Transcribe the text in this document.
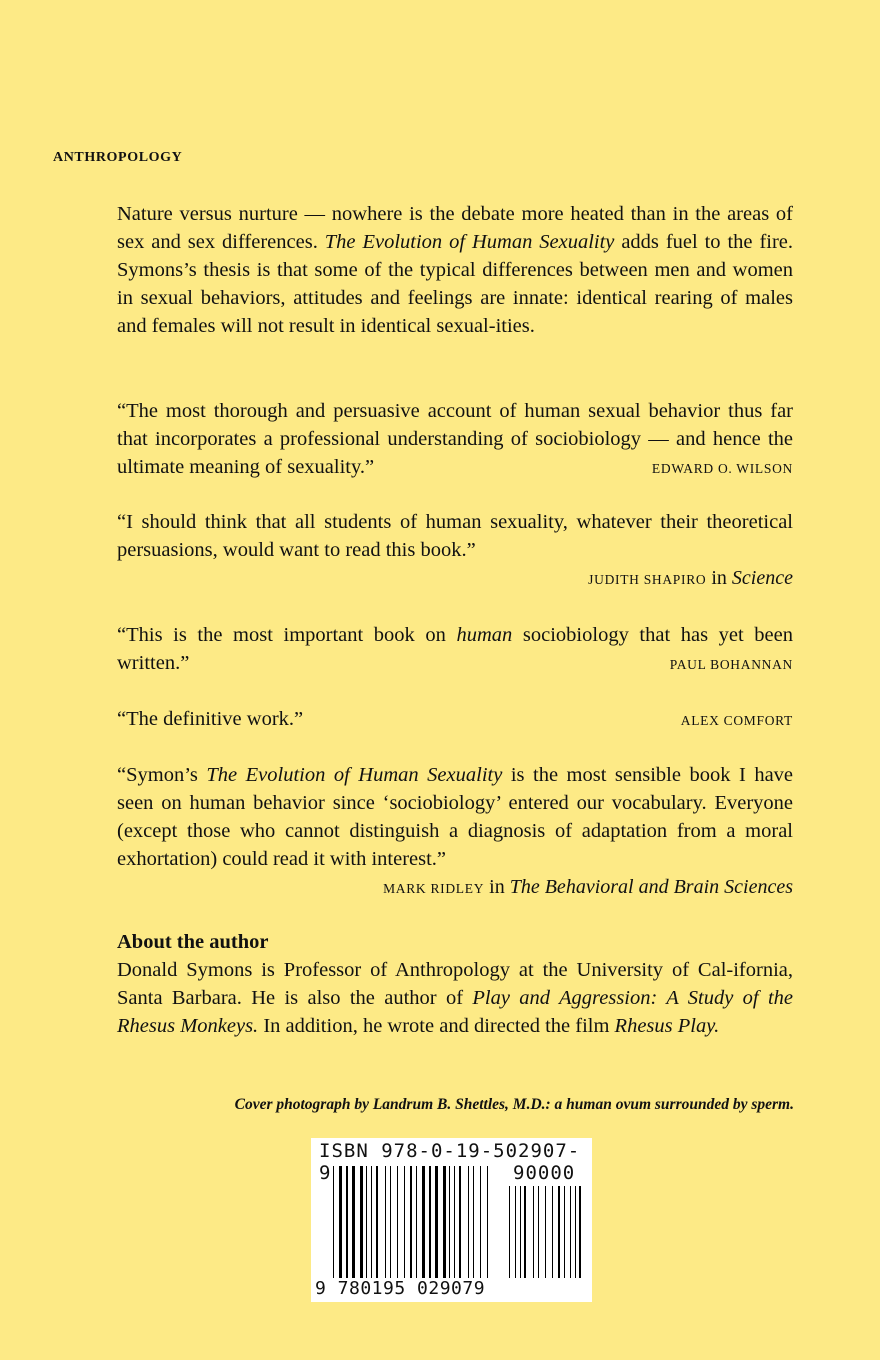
ANTHROPOLOGY
Nature versus nurture — nowhere is the debate more heated than in the areas of sex and sex differences. The Evolution of Human Sexuality adds fuel to the fire. Symons’s thesis is that some of the typical differences between men and women in sexual behaviors, attitudes and feelings are innate: identical rearing of males and females will not result in identical sexual-ities.
“The most thorough and persuasive account of human sexual behavior thus far that incorporates a professional understanding of sociobiology — and hence the ultimate meaning of sexuality.”	EDWARD O. WILSON
“I should think that all students of human sexuality, whatever their theoretical persuasions, would want to read this book.”
JUDITH SHAPIRO in Science
“This is the most important book on human sociobiology that has yet been written.”	PAUL BOHANNAN
“The definitive work.”	ALEX COMFORT
“Symon’s The Evolution of Human Sexuality is the most sensible book I have seen on human behavior since ‘sociobiology’ entered our vocabulary. Everyone (except those who cannot distinguish a diagnosis of adaptation from a moral exhortation) could read it with interest.”
MARK RIDLEY in The Behavioral and Brain Sciences
About the author
Donald Symons is Professor of Anthropology at the University of Cal-ifornia, Santa Barbara. He is also the author of Play and Aggression: A Study of the Rhesus Monkeys. In addition, he wrote and directed the film Rhesus Play.
Cover photograph by Landrum B. Shettles, M.D.: a human ovum surrounded by sperm.
ISBN 978-0-19-502907-9	90000
9 780195 029079
